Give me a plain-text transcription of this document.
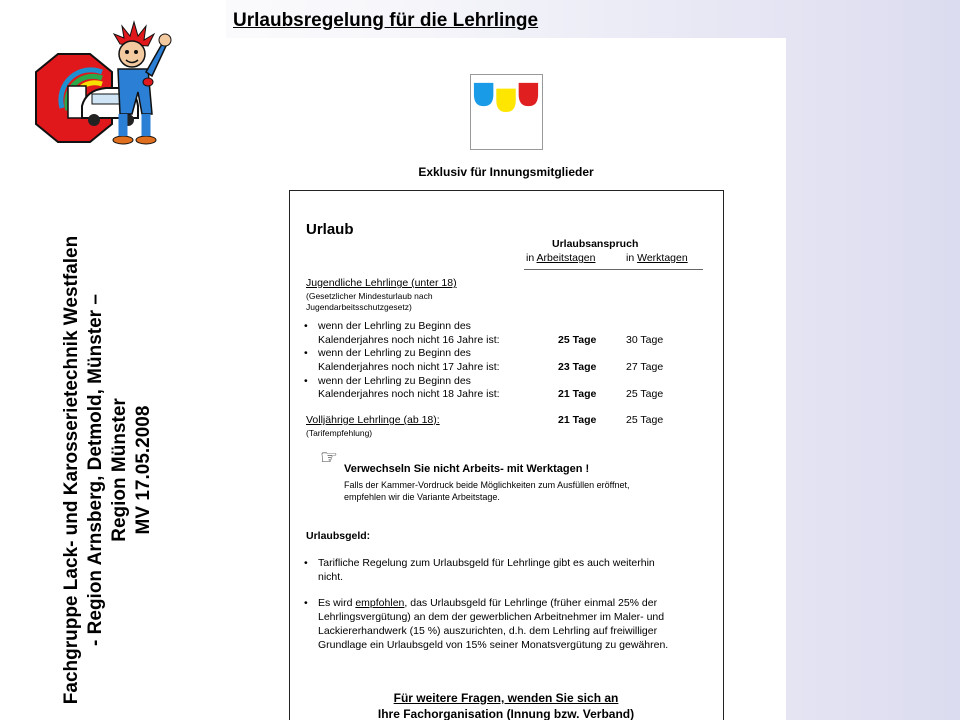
Fachgruppe Lack- und Karosserietechnik Westfalen - Region Arnsberg, Detmold, Münster – Region Münster MV 17.05.2008
Urlaubsregelung für die Lehrlinge
Exklusiv für Innungsmitglieder
Urlaub
Urlaubsanspruch
in Arbeitstagen	in Werktagen
Jugendliche Lehrlinge (unter 18)
(Gesetzlicher Mindesturlaub nach
Jugendarbeitsschutzgesetz)
• wenn der Lehrling zu Beginn des
Kalenderjahres noch nicht 16 Jahre ist:	25 Tage	30 Tage
• wenn der Lehrling zu Beginn des
Kalenderjahres noch nicht 17 Jahre ist:	23 Tage	27 Tage
• wenn der Lehrling zu Beginn des
Kalenderjahres noch nicht 18 Jahre ist:	21 Tage	25 Tage
Volljährige Lehrlinge (ab 18):	21 Tage	25 Tage
(Tarifempfehlung)
☞ Verwechseln Sie nicht Arbeits- mit Werktagen !
Falls der Kammer-Vordruck beide Möglichkeiten zum Ausfüllen eröffnet,
empfehlen wir die Variante Arbeitstage.
Urlaubsgeld:
• Tarifliche Regelung zum Urlaubsgeld für Lehrlinge gibt es auch weiterhin
nicht.
• Es wird empfohlen, das Urlaubsgeld für Lehrlinge (früher einmal 25% der
Lehrlingsvergütung) an dem der gewerblichen Arbeitnehmer im Maler- und
Lackiererhandwerk (15 %) auszurichten, d.h. dem Lehrling auf freiwilliger
Grundlage ein Urlaubsgeld von 15% seiner Monatsvergütung zu gewähren.
Für weitere Fragen, wenden Sie sich an
Ihre Fachorganisation (Innung bzw. Verband)
